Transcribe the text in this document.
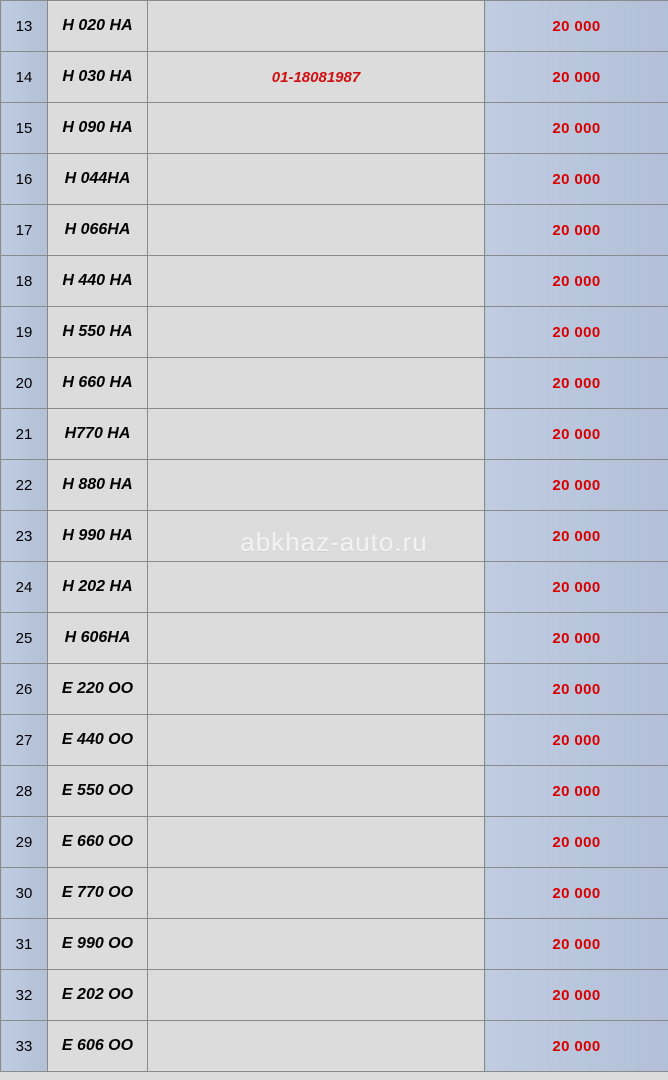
13	H 020 HA		20 000
14	H 030 HA	01-18081987	20 000
15	H 090 HA		20 000
16	H 044HA		20 000
17	H 066HA		20 000
18	H 440 HA		20 000
19	H 550 HA		20 000
20	H 660 HA		20 000
21	H770 HA		20 000
22	H 880 HA		20 000
23	H 990 HA		20 000
24	H 202 HA		20 000
25	H 606HA		20 000
26	E 220 OO		20 000
27	E 440 OO		20 000
28	E 550 OO		20 000
29	E 660 OO		20 000
30	E 770 OO		20 000
31	E 990 OO		20 000
32	E 202 OO		20 000
33	E 606 OO		20 000
abkhaz-auto.ru
